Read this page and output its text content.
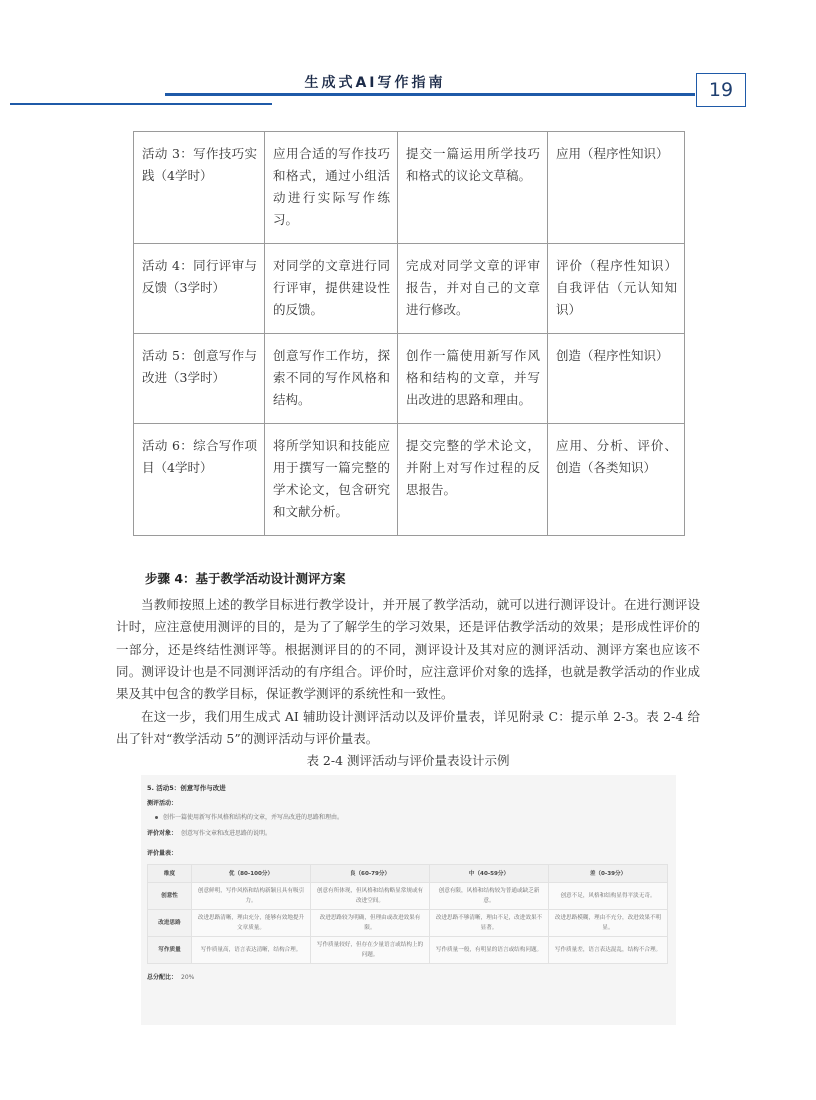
生成式AI写作指南	19
活动 3：写作技巧实践（4学时）	应用合适的写作技巧和格式，通过小组活动进行实际写作练习。	提交一篇运用所学技巧和格式的议论文草稿。	应用（程序性知识）
活动 4：同行评审与反馈（3学时）	对同学的文章进行同行评审，提供建设性的反馈。	完成对同学文章的评审报告，并对自己的文章进行修改。	评价（程序性知识）自我评估（元认知知识）
活动 5：创意写作与改进（3学时）	创意写作工作坊，探索不同的写作风格和结构。	创作一篇使用新写作风格和结构的文章，并写出改进的思路和理由。	创造（程序性知识）
活动 6：综合写作项目（4学时）	将所学知识和技能应用于撰写一篇完整的学术论文，包含研究和文献分析。	提交完整的学术论文，并附上对写作过程的反思报告。	应用、分析、评价、创造（各类知识）
步骤 4：基于教学活动设计测评方案

当教师按照上述的教学目标进行教学设计，并开展了教学活动，就可以进行测评设计。在进行测评设计时，应注意使用测评的目的，是为了了解学生的学习效果，还是评估教学活动的效果；是形成性评价的一部分，还是终结性测评等。根据测评目的的不同，测评设计及其对应的测评活动、测评方案也应该不同。测评设计也是不同测评活动的有序组合。评价时，应注意评价对象的选择，也就是教学活动的作业成果及其中包含的教学目标，保证教学测评的系统性和一致性。

在这一步，我们用生成式 AI 辅助设计测评活动以及评价量表，详见附录 C：提示单 2-3。表 2-4 给出了针对“教学活动 5”的测评活动与评价量表。

表 2-4 测评活动与评价量表设计示例
5. 活动5：创意写作与改进
测评活动：
创作一篇使用新写作风格和结构的文章，并写出改进的思路和理由。
评价对象： 创意写作文章和改进思路的说明。
评价量表：
维度	优（80-100分）	良（60-79分）	中（40-59分）	差（0-39分）
创意性	创意鲜明，写作风格和结构新颖且具有吸引力。	创意有所体现，但风格和结构略显常规或有改进空间。	创意有限，风格和结构较为普通或缺乏新意。	创意不足，风格和结构显得平淡无奇。
改进思路	改进思路清晰，理由充分，能够有效地提升文章质量。	改进思路较为明确，但理由或改进效果有限。	改进思路不够清晰，理由不足，改进效果不显著。	改进思路模糊，理由不充分，改进效果不明显。
写作质量	写作质量高，语言表达清晰，结构合理。	写作质量较好，但存在少量语言或结构上的问题。	写作质量一般，有明显的语言或结构问题。	写作质量差，语言表达混乱，结构不合理。
总分配比： 20%
